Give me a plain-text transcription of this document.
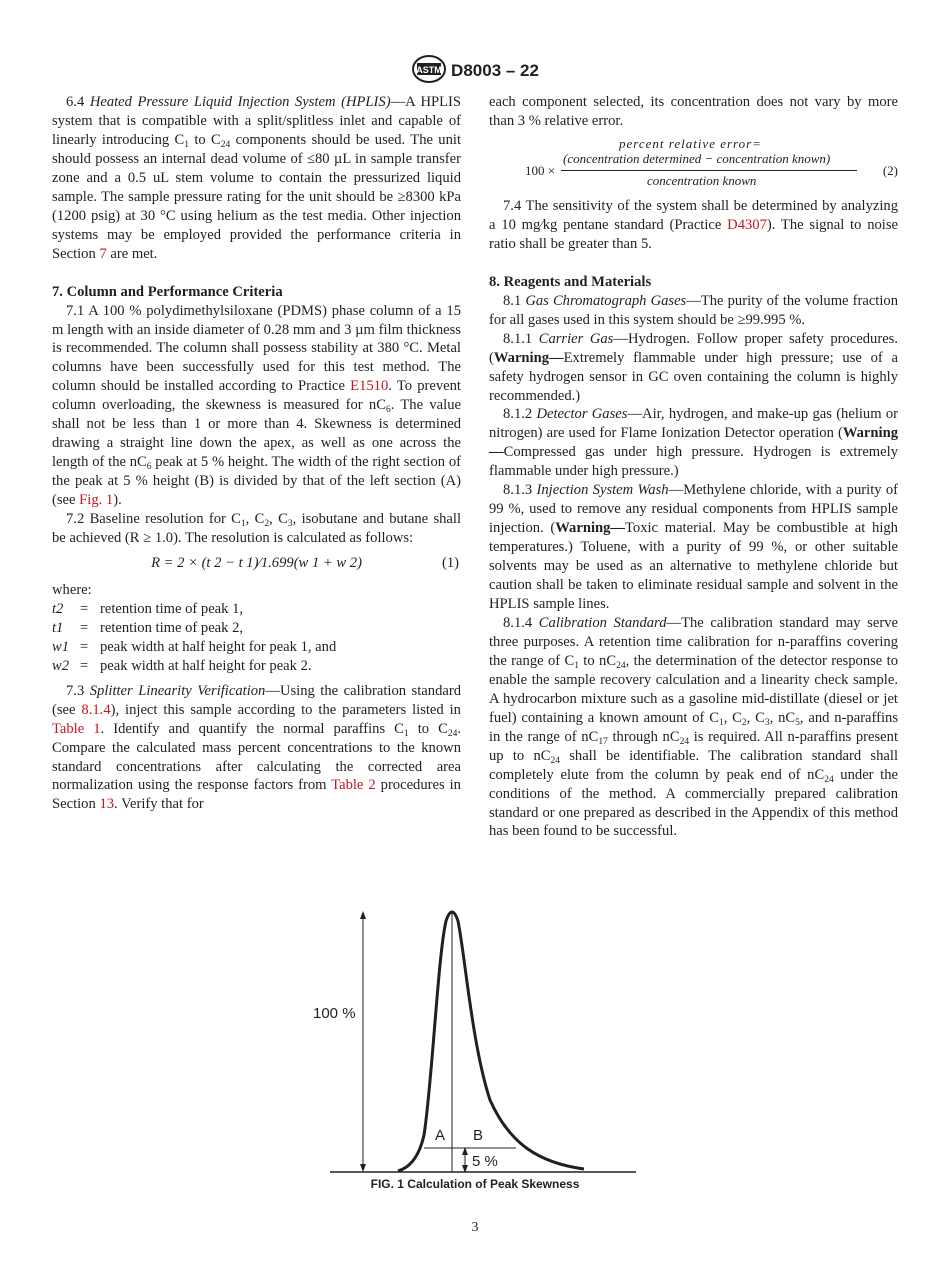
ASTM D8003 – 22

6.4 Heated Pressure Liquid Injection System (HPLIS)—A HPLIS system that is compatible with a split/splitless inlet and capable of linearly introducing $C_1$ to $C_{24}$ components should be used. The unit should possess an internal dead volume of ≤80 µL in sample transfer zone and a 0.5 uL stem volume to contain the pressurized liquid sample. The sample pressure rating for the unit should be ≥8300 kPa (1200 psig) at 30 °C using helium as the test media. Other injection systems may be employed provided the performance criteria in Section 7 are met.

7. Column and Performance Criteria

7.1 A 100 % polydimethylsiloxane (PDMS) phase column of a 15 m length with an inside diameter of 0.28 mm and 3 µm film thickness is recommended. The column shall possess stability at 380 °C. Metal columns have been successfully used for this test method. The column should be installed according to Practice E1510. To prevent column overloading, the skewness is measured for $nC_6$. The value shall not be less than 1 or more than 4. Skewness is determined drawing a straight line down the apex, as well as one across the length of the $nC_6$ peak at 5 % height. The width of the right section of the peak at 5 % height (B) is divided by that of the left section (A) (see Fig. 1).

7.2 Baseline resolution for $C_1$, $C_2$, $C_3$, isobutane and butane shall be achieved (R ≥ 1.0). The resolution is calculated as follows:

R = 2 × (t 2 − t 1)⁄1.699(w 1 + w 2)	(1)
where:
t2	= retention time of peak 1,
t1	= retention time of peak 2,
w1 = peak width at half height for peak 1, and
w2 = peak width at half height for peak 2.

7.3 Splitter Linearity Verification—Using the calibration standard (see 8.1.4), inject this sample according to the parameters listed in Table 1. Identify and quantify the normal paraffins $C_1$ to $C_{24}$. Compare the calculated mass percent concentrations to the known standard concentrations after calculating the corrected area normalization using the response factors from Table 2 procedures in Section 13. Verify that for

each component selected, its concentration does not vary by more than 3 % relative error.

percent relative error=
100 ×
(concentration determined − concentration known)
concentration known
(2)

7.4 The sensitivity of the system shall be determined by analyzing a 10 mg⁄kg pentane standard (Practice D4307). The signal to noise ratio shall be greater than 5.

8. Reagents and Materials

8.1 Gas Chromatograph Gases—The purity of the volume fraction for all gases used in this system should be ≥99.995 %.

8.1.1 Carrier Gas—Hydrogen. Follow proper safety procedures. (Warning—Extremely flammable under high pressure; use of a safety hydrogen sensor in GC oven containing the column is highly recommended.)

8.1.2 Detector Gases—Air, hydrogen, and make-up gas (helium or nitrogen) are used for Flame Ionization Detector operation (Warning—Compressed gas under high pressure. Hydrogen is extremely flammable under high pressure.)

8.1.3 Injection System Wash—Methylene chloride, with a purity of 99 %, used to remove any residual components from HPLIS sample injection. (Warning—Toxic material. May be combustible at high temperatures.) Toluene, with a purity of 99 %, or other suitable solvents may be used as an alternative to methylene chloride but caution shall be taken to eliminate residual sample and solvent in the HPLIS sample lines.

8.1.4 Calibration Standard—The calibration standard may serve three purposes. A retention time calibration for n-paraffins covering the range of $C_1$ to $nC_{24}$, the determination of the detector response to enable the sample recovery calculation and a linearity check sample. A hydrocarbon mixture such as a gasoline mid-distillate (diesel or jet fuel) containing a known amount of $C_1$, $C_2$, $C_3$, $nC_5$, and n-paraffins in the range of $nC_{17}$ through $nC_{24}$ is required. All n-paraffins present up to $nC_{24}$ shall be identifiable. The calibration standard shall completely elute from the column by peak end of $nC_{24}$ under the conditions of the method. A commercially prepared calibration standard or one prepared as described in the Appendix of this method has been found to be successful.

100 %
A B
5 %
FIG. 1 Calculation of Peak Skewness
3
